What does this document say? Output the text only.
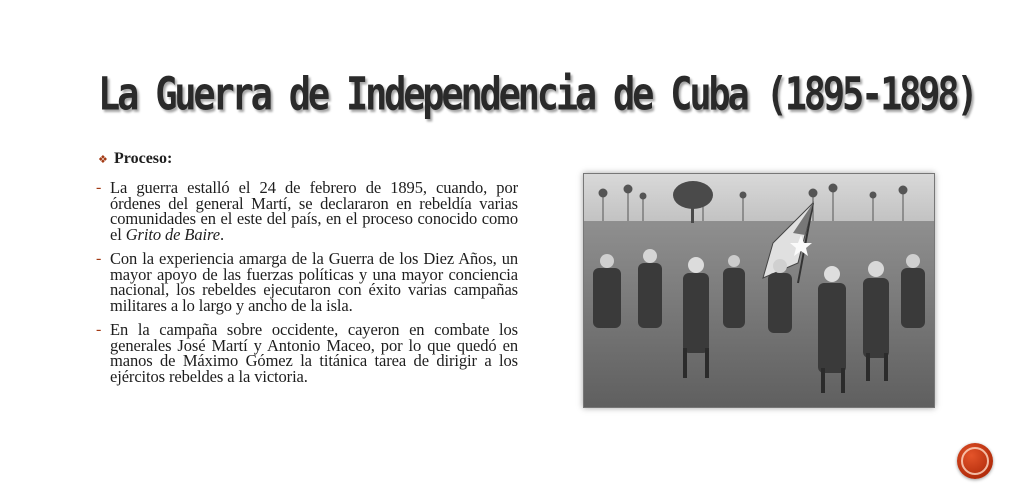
La Guerra de Independencia de Cuba (1895-1898)
❖ Proceso:
- La guerra estalló el 24 de febrero de 1895, cuando, por órdenes del general Martí, se declararon en rebeldía varias comunidades en el este del país, en el proceso conocido como el Grito de Baire.
- Con la experiencia amarga de la Guerra de los Diez Años, un mayor apoyo de las fuerzas políticas y una mayor conciencia nacional, los rebeldes ejecutaron con éxito varias campañas militares a lo largo y ancho de la isla.
- En la campaña sobre occidente, cayeron en combate los generales José Martí y Antonio Maceo, por lo que quedó en manos de Máximo Gómez la titánica tarea de dirigir a los ejércitos rebeldes a la victoria.
